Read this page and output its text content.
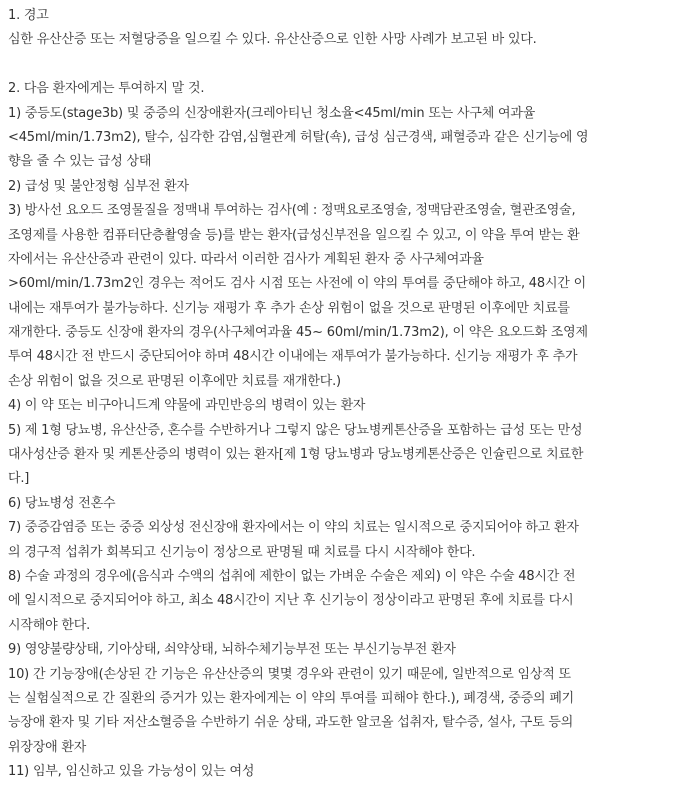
1. 경고
심한 유산산증 또는 저혈당증을 일으킬 수 있다. 유산산증으로 인한 사망 사례가 보고된 바 있다.
2. 다음 환자에게는 투여하지 말 것.
1) 중등도(stage3b) 및 중증의 신장애환자(크레아티닌 청소율<45ml/min 또는 사구체 여과율
<45ml/min/1.73m2), 탈수, 심각한 감염,심혈관계 허탈(쇽), 급성 심근경색, 패혈증과 같은 신기능에 영
향을 줄 수 있는 급성 상태
2) 급성 및 불안정형 심부전 환자
3) 방사선 요오드 조영물질을 정맥내 투여하는 검사(예 : 정맥요로조영술, 정맥담관조영술, 혈관조영술,
조영제를 사용한 컴퓨터단층촬영술 등)를 받는 환자(급성신부전을 일으킬 수 있고, 이 약을 투여 받는 환
자에서는 유산산증과 관련이 있다. 따라서 이러한 검사가 계획된 환자 중 사구체여과율
>60ml/min/1.73m2인 경우는 적어도 검사 시점 또는 사전에 이 약의 투여를 중단해야 하고, 48시간 이
내에는 재투여가 불가능하다. 신기능 재평가 후 추가 손상 위험이 없을 것으로 판명된 이후에만 치료를
재개한다. 중등도 신장애 환자의 경우(사구체여과율 45~ 60ml/min/1.73m2), 이 약은 요오드화 조영제
투여 48시간 전 반드시 중단되어야 하며 48시간 이내에는 재투여가 불가능하다. 신기능 재평가 후 추가
손상 위험이 없을 것으로 판명된 이후에만 치료를 재개한다.)
4) 이 약 또는 비구아니드계 약물에 과민반응의 병력이 있는 환자
5) 제 1형 당뇨병, 유산산증, 혼수를 수반하거나 그렇지 않은 당뇨병케톤산증을 포함하는 급성 또는 만성
대사성산증 환자 및 케톤산증의 병력이 있는 환자[제 1형 당뇨병과 당뇨병케톤산증은 인슐린으로 치료한
다.]
6) 당뇨병성 전혼수
7) 중증감염증 또는 중증 외상성 전신장애 환자에서는 이 약의 치료는 일시적으로 중지되어야 하고 환자
의 경구적 섭취가 회복되고 신기능이 정상으로 판명될 때 치료를 다시 시작해야 한다.
8) 수술 과정의 경우에(음식과 수액의 섭취에 제한이 없는 가벼운 수술은 제외) 이 약은 수술 48시간 전
에 일시적으로 중지되어야 하고, 최소 48시간이 지난 후 신기능이 정상이라고 판명된 후에 치료를 다시
시작해야 한다.
9) 영양불량상태, 기아상태, 쇠약상태, 뇌하수체기능부전 또는 부신기능부전 환자
10) 간 기능장애(손상된 간 기능은 유산산증의 몇몇 경우와 관련이 있기 때문에, 일반적으로 임상적 또
는 실험실적으로 간 질환의 증거가 있는 환자에게는 이 약의 투여를 피해야 한다.), 폐경색, 중증의 폐기
능장애 환자 및 기타 저산소혈증을 수반하기 쉬운 상태, 과도한 알코올 섭취자, 탈수증, 설사, 구토 등의
위장장애 환자
11) 임부, 임신하고 있을 가능성이 있는 여성
